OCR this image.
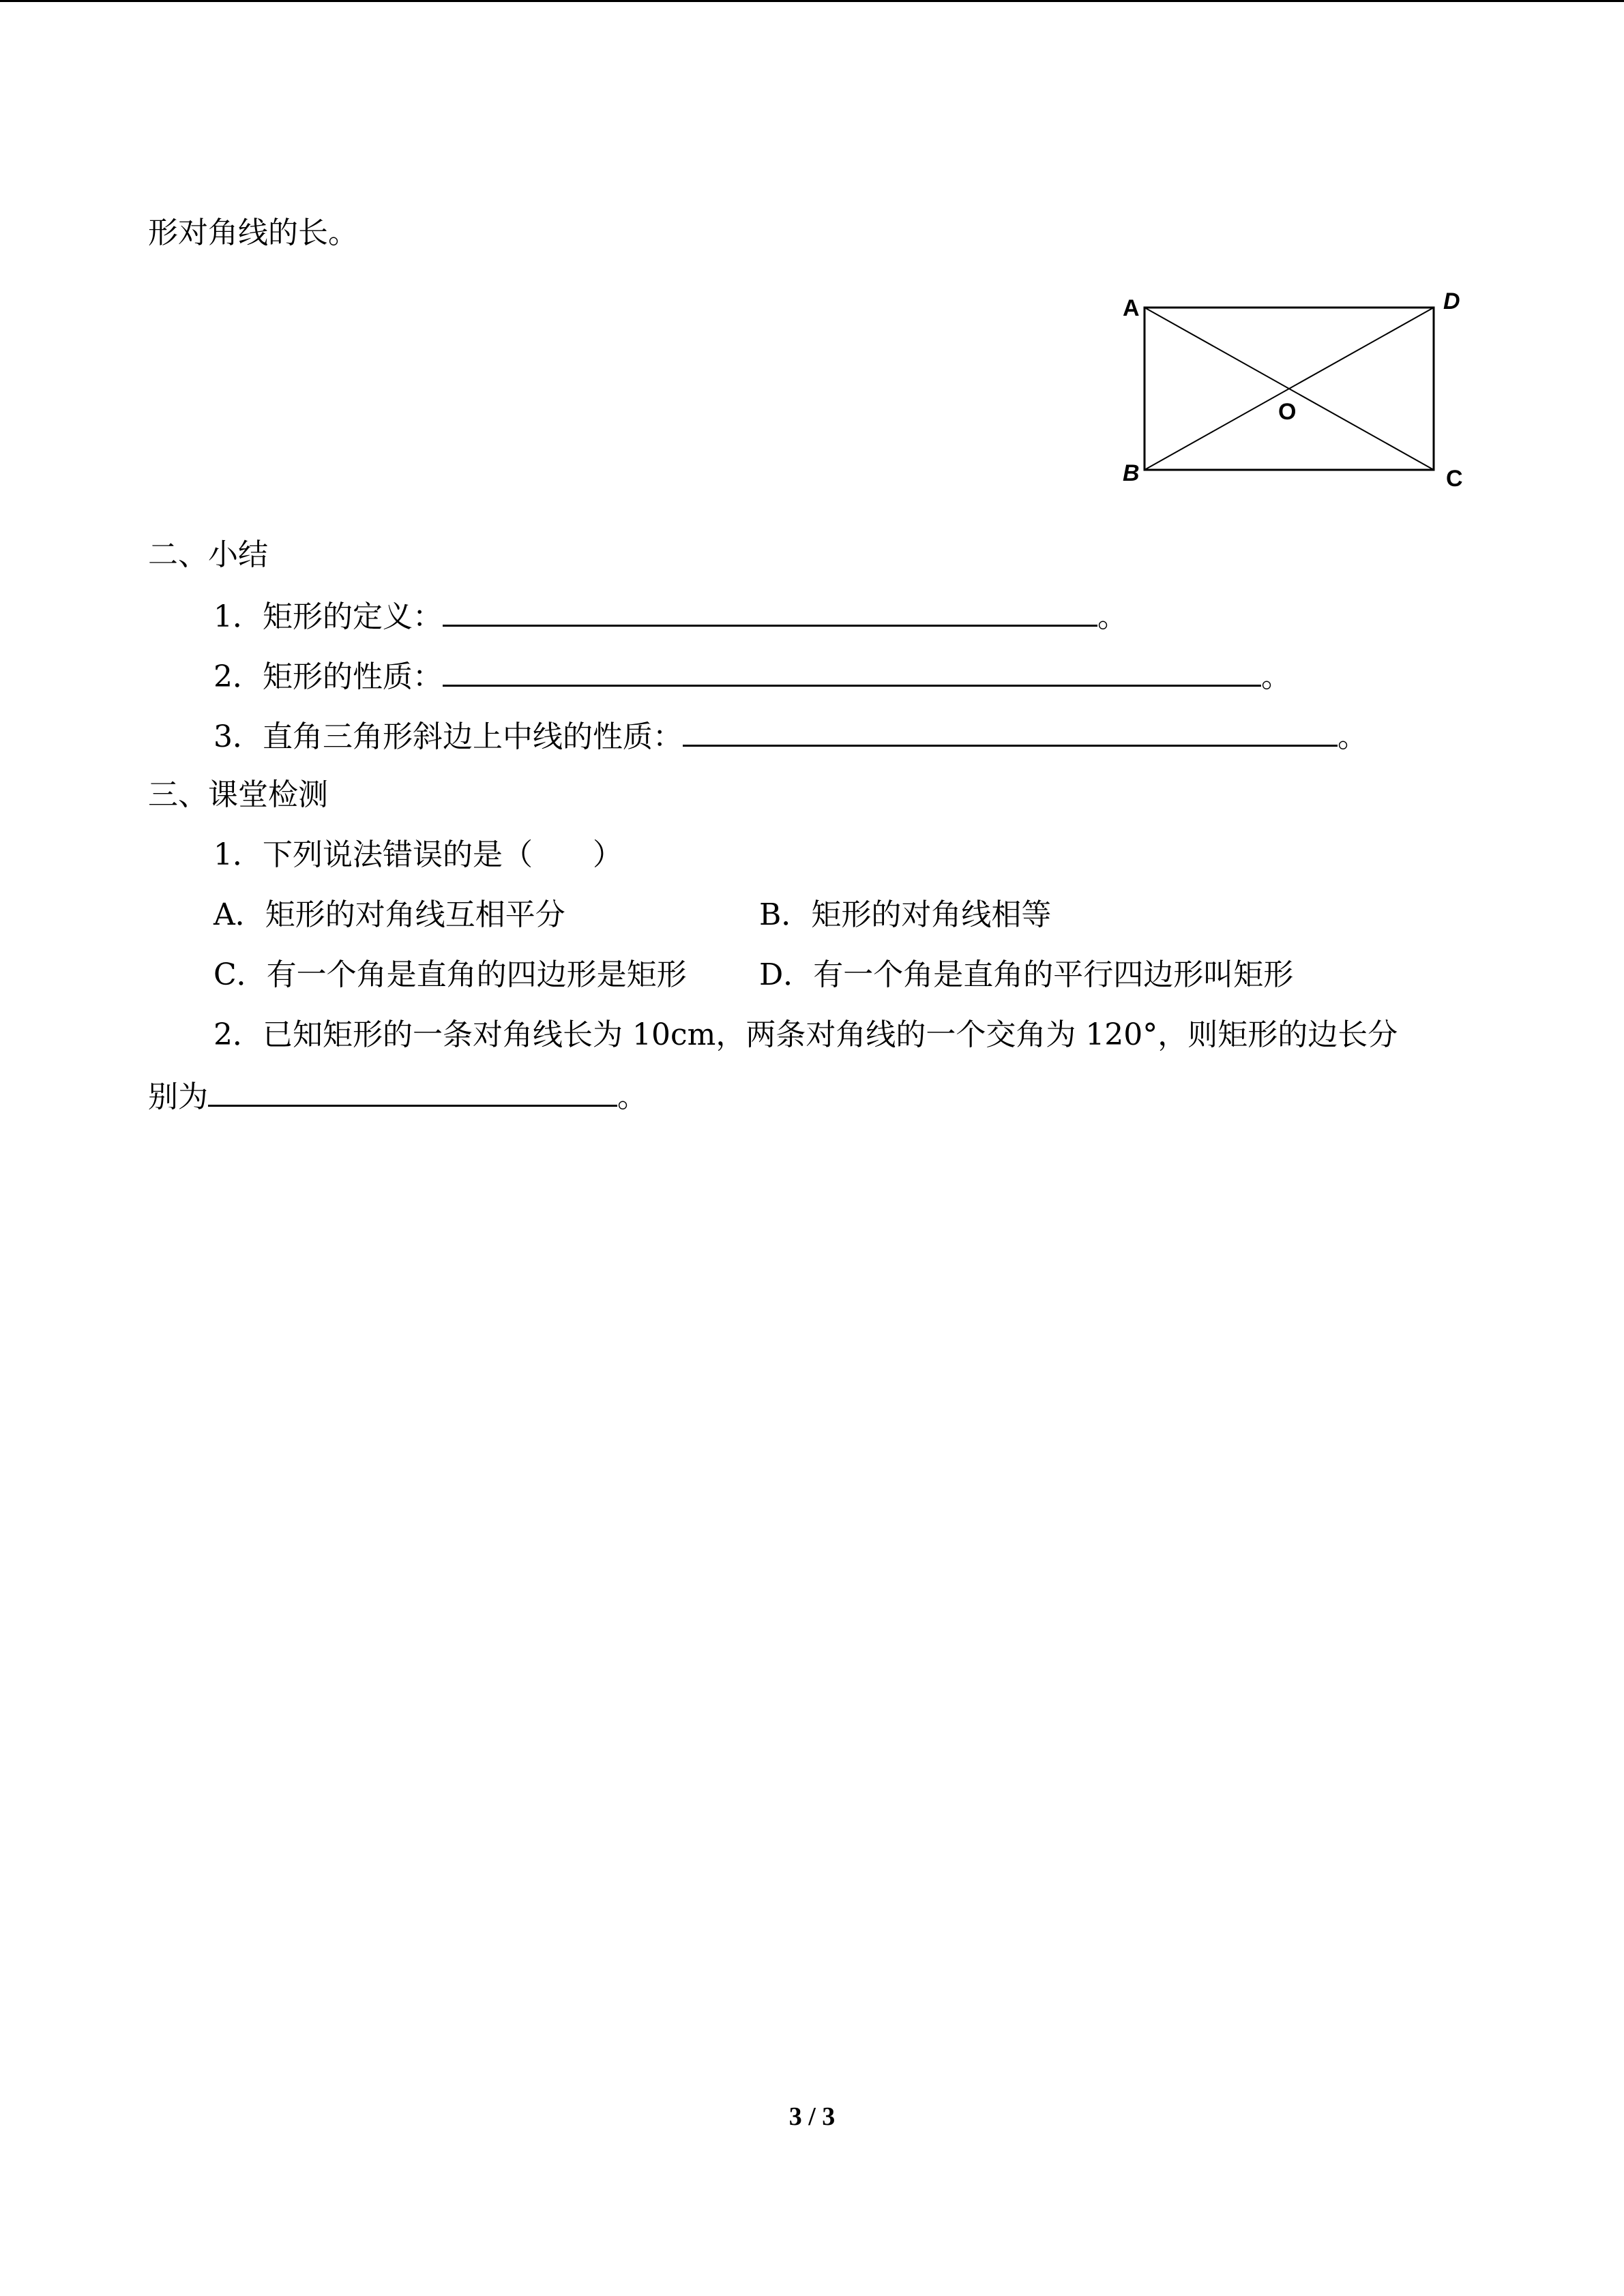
形对角线的长。
A
B	C
D
O
二、小结
1．矩形的定义：	。
2．矩形的性质：	。
3．直角三角形斜边上中线的性质：	。
三、课堂检测
1．下列说法错误的是（　　）
A．矩形的对角线互相平分	B．矩形的对角线相等
C．有一个角是直角的四边形是矩形 D．有一个角是直角的平行四边形叫矩形
2．已知矩形的一条对角线长为 10cm，两条对角线的一个交角为 120°，则矩形的边长分
别为	。
3 / 3
